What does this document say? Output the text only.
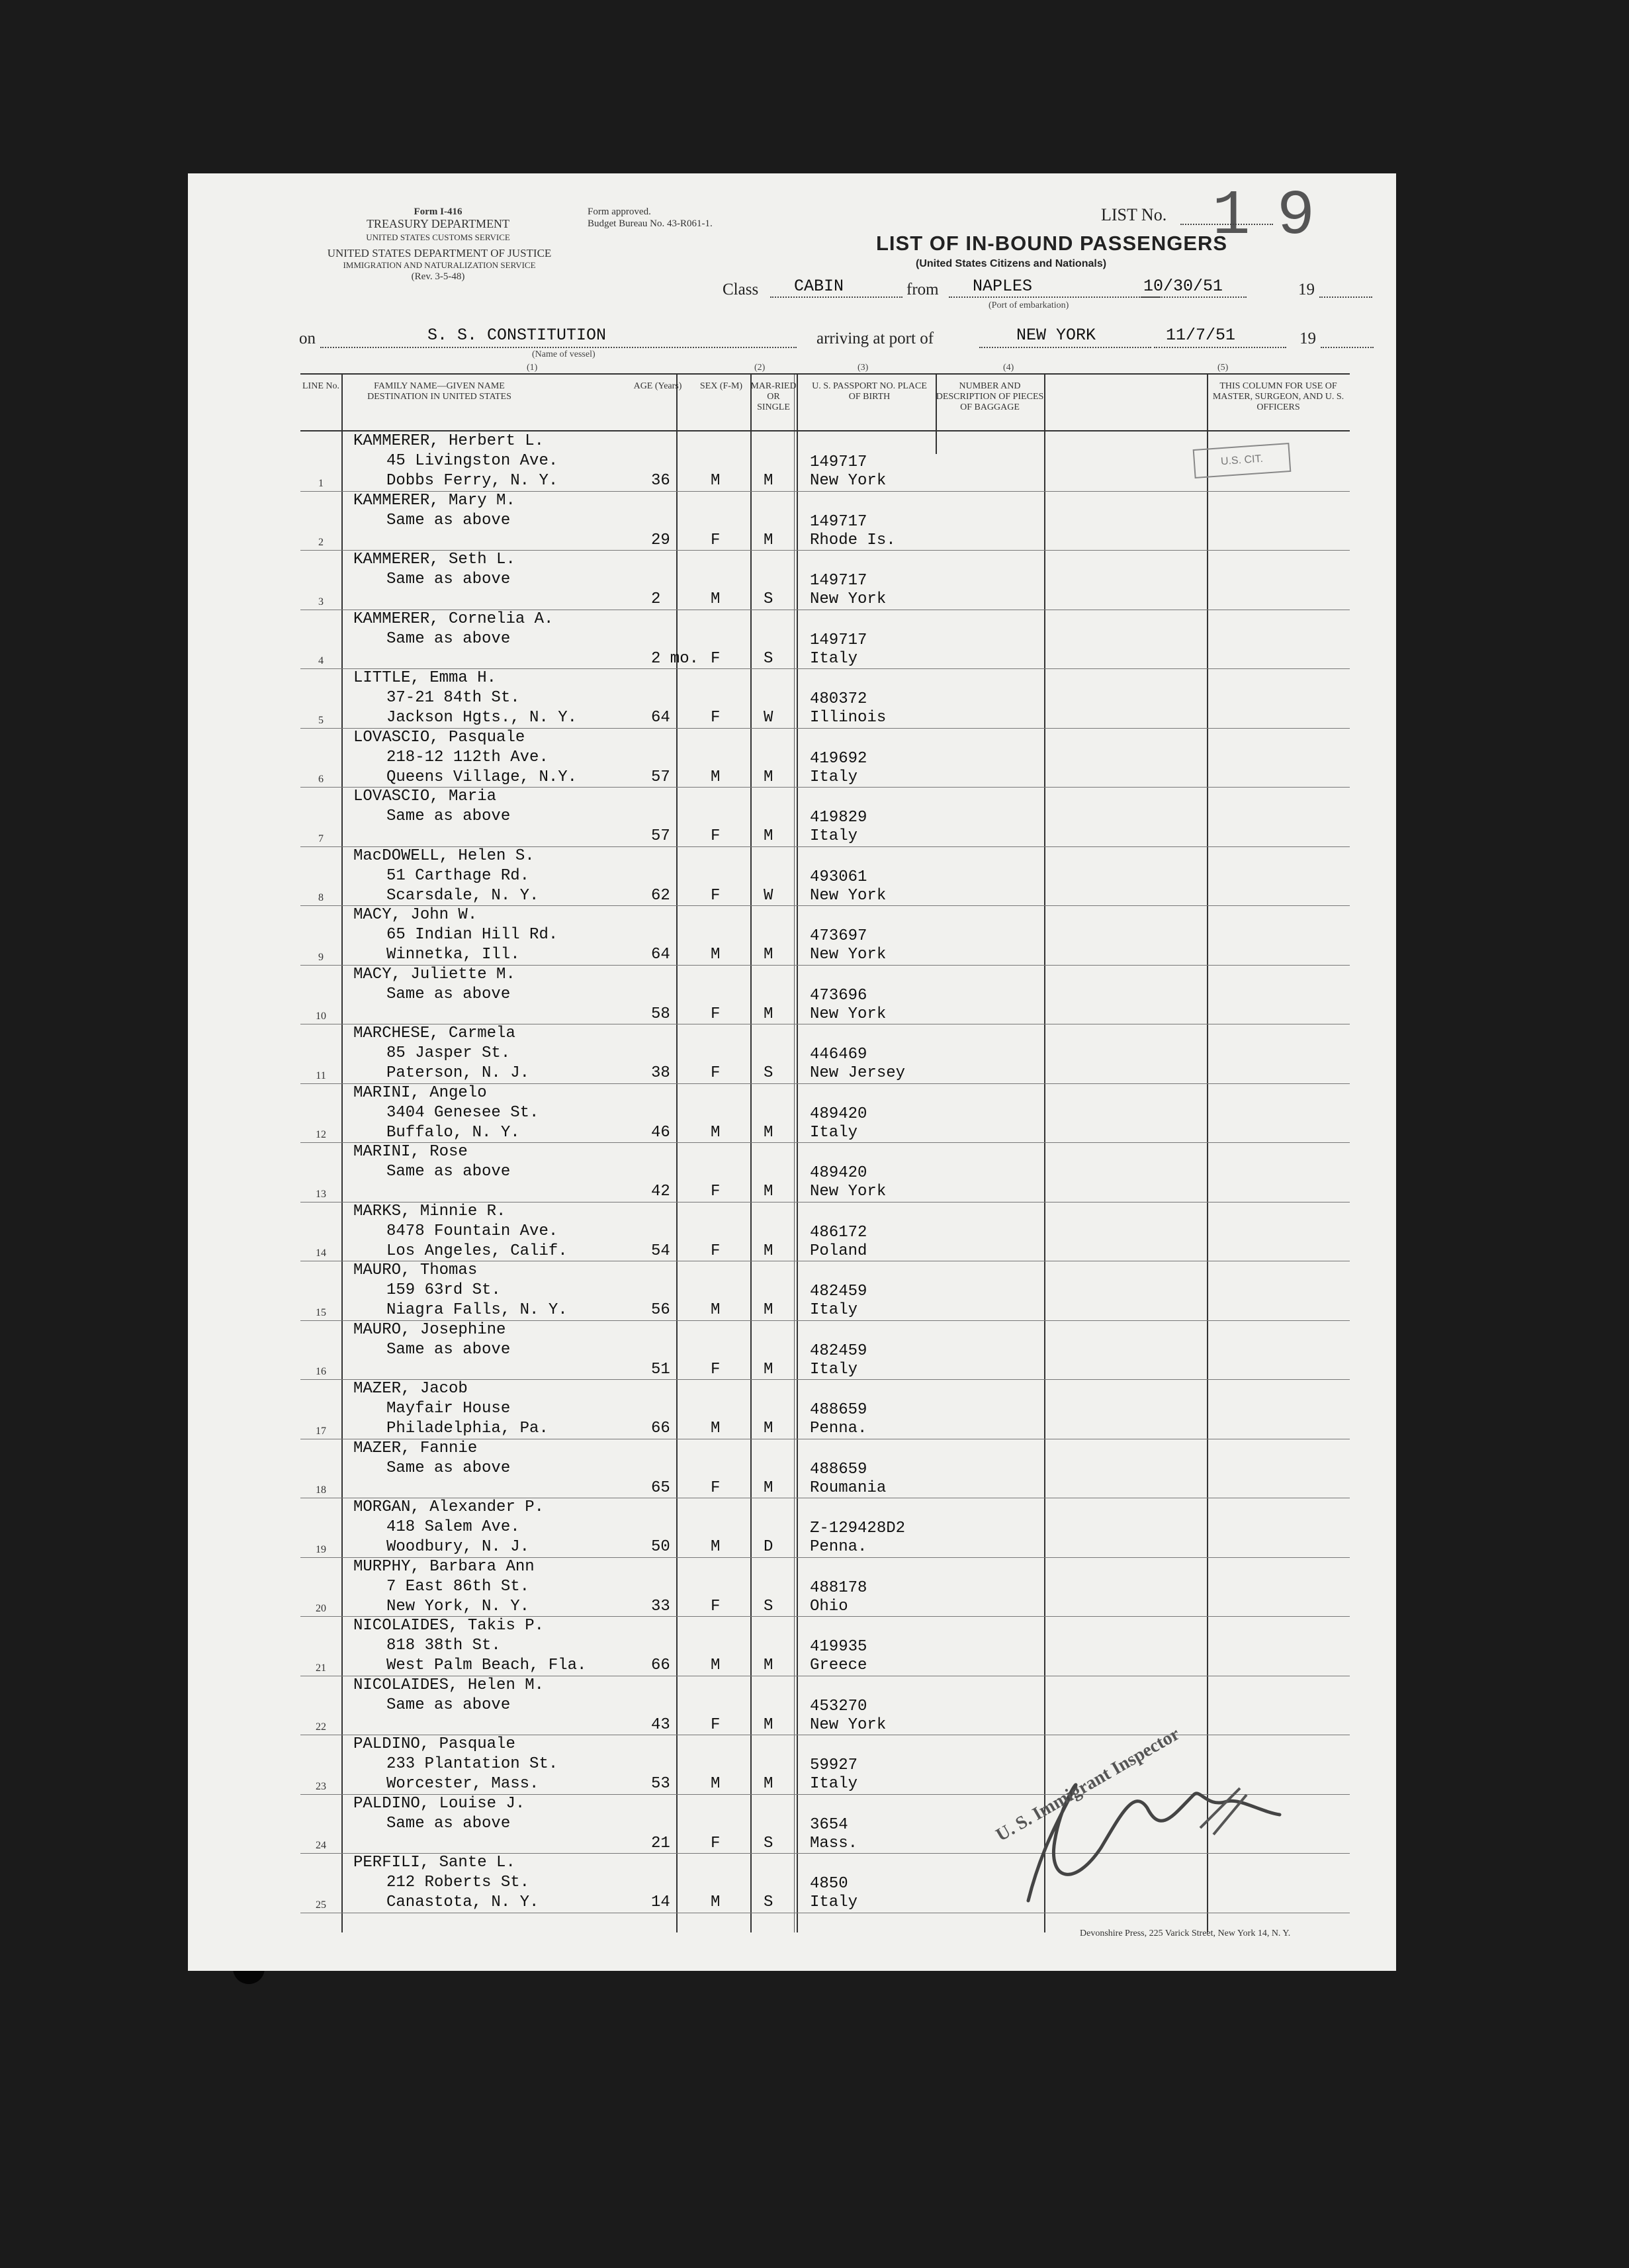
Form I-416
TREASURY DEPARTMENT
UNITED STATES CUSTOMS SERVICE
UNITED STATES DEPARTMENT OF JUSTICE
IMMIGRATION AND NATURALIZATION SERVICE
(Rev. 3-5-48)
Form approved.
Budget Bureau No. 43-R061-1.	LIST No. 19
LIST OF IN-BOUND PASSENGERS
(United States Citizens and Nationals)
Class CABIN	from NAPLES
(Port of embarkation)
10/30/51	19
on	S. S. CONSTITUTION
(Name of vessel)
arriving at port of	NEW YORK	11/7/51	19
(1)	(2)	(3)	(4)	(5)
LINE No.	FAMILY NAME—GIVEN NAME DESTINATION IN UNITED STATES
AGE (Years)	SEX (F-M) MAR-RIED OR SINGLE
U. S. PASSPORT NO. PLACE OF BIRTH
NUMBER AND DESCRIPTION OF PIECES OF BAGGAGE
THIS COLUMN FOR USE OF MASTER, SURGEON, AND U. S. OFFICERS
1
KAMMERER, Herbert L.
45 Livingston Ave.
Dobbs Ferry, N. Y.	36	M	M
149717
New York
2
KAMMERER, Mary M.
Same as above
29	F	M
149717
Rhode Is.
3
KAMMERER, Seth L.
Same as above
2	M	S
149717
New York
4
KAMMERER, Cornelia A.
Same as above
2 mo. F	S
149717
Italy
5
LITTLE, Emma H.
37-21 84th St.
Jackson Hgts., N. Y.	64	F	W
480372
Illinois
6
LOVASCIO, Pasquale
218-12 112th Ave.
Queens Village, N.Y.	57	M	M
419692
Italy
7
LOVASCIO, Maria
Same as above
57	F	M
419829
Italy
8
MacDOWELL, Helen S.
51 Carthage Rd.
Scarsdale, N. Y.	62	F	W
493061
New York
9
MACY, John W.
65 Indian Hill Rd.
Winnetka, Ill.	64	M	M
473697
New York
10
MACY, Juliette M.
Same as above
58	F	M
473696
New York
11
MARCHESE, Carmela
85 Jasper St.
Paterson, N. J.	38	F	S
446469
New Jersey
12
MARINI, Angelo
3404 Genesee St.
Buffalo, N. Y.	46	M	M
489420
Italy
13
MARINI, Rose
Same as above
42	F	M
489420
New York
14
MARKS, Minnie R.
8478 Fountain Ave.
Los Angeles, Calif.	54	F	M
486172
Poland
15
MAURO, Thomas
159 63rd St.
Niagra Falls, N. Y.	56	M	M
482459
Italy
16
MAURO, Josephine
Same as above
51	F	M
482459
Italy
17
MAZER, Jacob
Mayfair House
Philadelphia, Pa.	66	M	M
488659
Penna.
18
MAZER, Fannie
Same as above
65	F	M
488659
Roumania
19
MORGAN, Alexander P.
418 Salem Ave.
Woodbury, N. J.	50	M	D
Z-129428D2
Penna.
20
MURPHY, Barbara Ann
7 East 86th St.
New York, N. Y.	33	F	S
488178
Ohio
21
NICOLAIDES, Takis P.
818 38th St.
West Palm Beach, Fla.	66	M	M
419935
Greece
22
NICOLAIDES, Helen M.
Same as above
43	F	M
453270
New York
23
PALDINO, Pasquale
233 Plantation St.
Worcester, Mass.	53	M	M
59927
Italy
24
PALDINO, Louise J.
Same as above
21	F	S
3654
Mass.
25
PERFILI, Sante L.
212 Roberts St.
Canastota, N. Y.	14	M	S
4850
Italy
U.S. CIT.
U. S. Immigrant Inspector
Devonshire Press, 225 Varick Street, New York 14, N. Y.
